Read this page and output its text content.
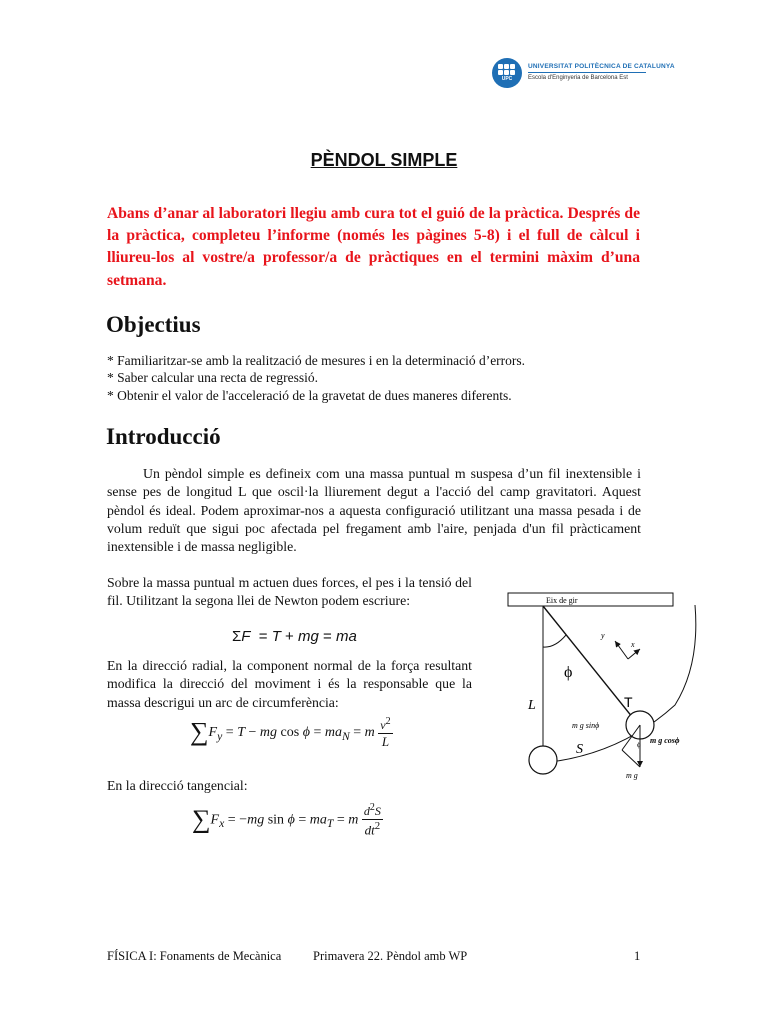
UPC
UNIVERSITAT POLITÈCNICA DE CATALUNYA
Escola d'Enginyeria de Barcelona Est
PÈNDOL SIMPLE
Abans d’anar al laboratori llegiu amb cura tot el guió de la pràctica. Després de la pràctica, completeu l’informe (només les pàgines 5-8) i el full de càlcul i lliureu-los al vostre/a professor/a de pràctiques en el termini màxim d’una setmana.
Objectius
* Familiaritzar-se amb la realització de mesures i en la determinació d’errors.
* Saber calcular una recta de regressió.
* Obtenir el valor de l'acceleració de la gravetat de dues maneres diferents.
Introducció
Un pèndol simple es defineix com una massa puntual m suspesa d’un fil inextensible i sense pes de longitud L que oscil·la lliurement degut a l'acció del camp gravitatori. Aquest pèndol és ideal. Podem aproximar-nos a aquesta configuració utilitzant una massa pesada i de volum reduït que sigui poc afectada pel fregament amb l'aire, penjada d'un fil pràcticament inextensible i de massa negligible.
Sobre la massa puntual m actuen dues forces, el pes i la tensió del fil. Utilitzant la segona llei de Newton podem escriure:
ΣF  = T + mg = ma
En la direcció radial, la component normal de la força resultant modifica la direcció del moviment i és la responsable que la massa descrigui un arc de circumferència:
$\sum F_y = T$ − mg $\cos \phi = ma_N = m \frac{v^2}{L}$
En la direcció tangencial:
$\sum F_x = -mg$ $\sin \phi = ma_T = m \frac{d^2S}{dt^2}$
Eix de gir
ϕ
L
S
T
y
x
m g
m g sinϕ
m g cosϕ
ϕ
FÍSICA I: Fonaments de Mecànica	Primavera 22. Pèndol amb WP	1
